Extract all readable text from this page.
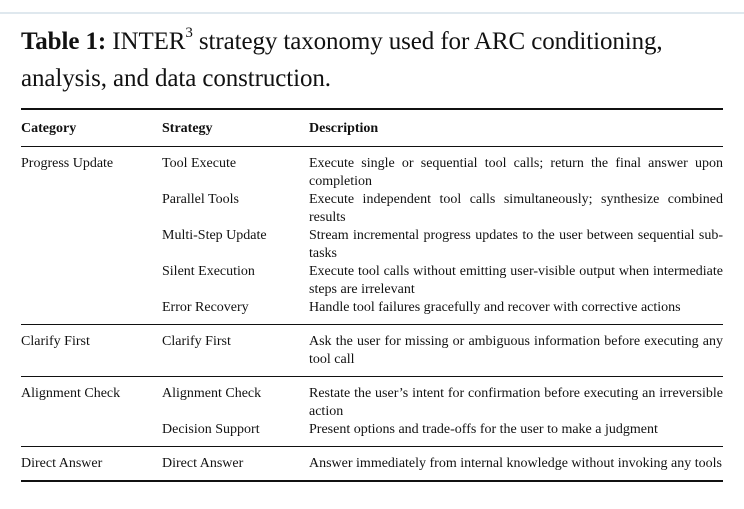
Table 1: INTER$^3$ strategy taxonomy used for ARC conditioning, analysis, and data construction.
Category	Strategy	Description
Progress Update	Tool Execute	Execute single or sequential tool calls; return the final answer upon completion
	Parallel Tools	Execute independent tool calls simultaneously; synthesize combined results
	Multi-Step Update	Stream incremental progress updates to the user between sequential sub-tasks
	Silent Execution	Execute tool calls without emitting user-visible output when intermediate steps are irrelevant
	Error Recovery	Handle tool failures gracefully and recover with corrective actions
Clarify First	Clarify First	Ask the user for missing or ambiguous information before executing any tool call
Alignment Check	Alignment Check	Restate the user’s intent for confirmation before executing an irreversible action
	Decision Support	Present options and trade-offs for the user to make a judgment
Direct Answer	Direct Answer	Answer immediately from internal knowledge without invoking any tools
